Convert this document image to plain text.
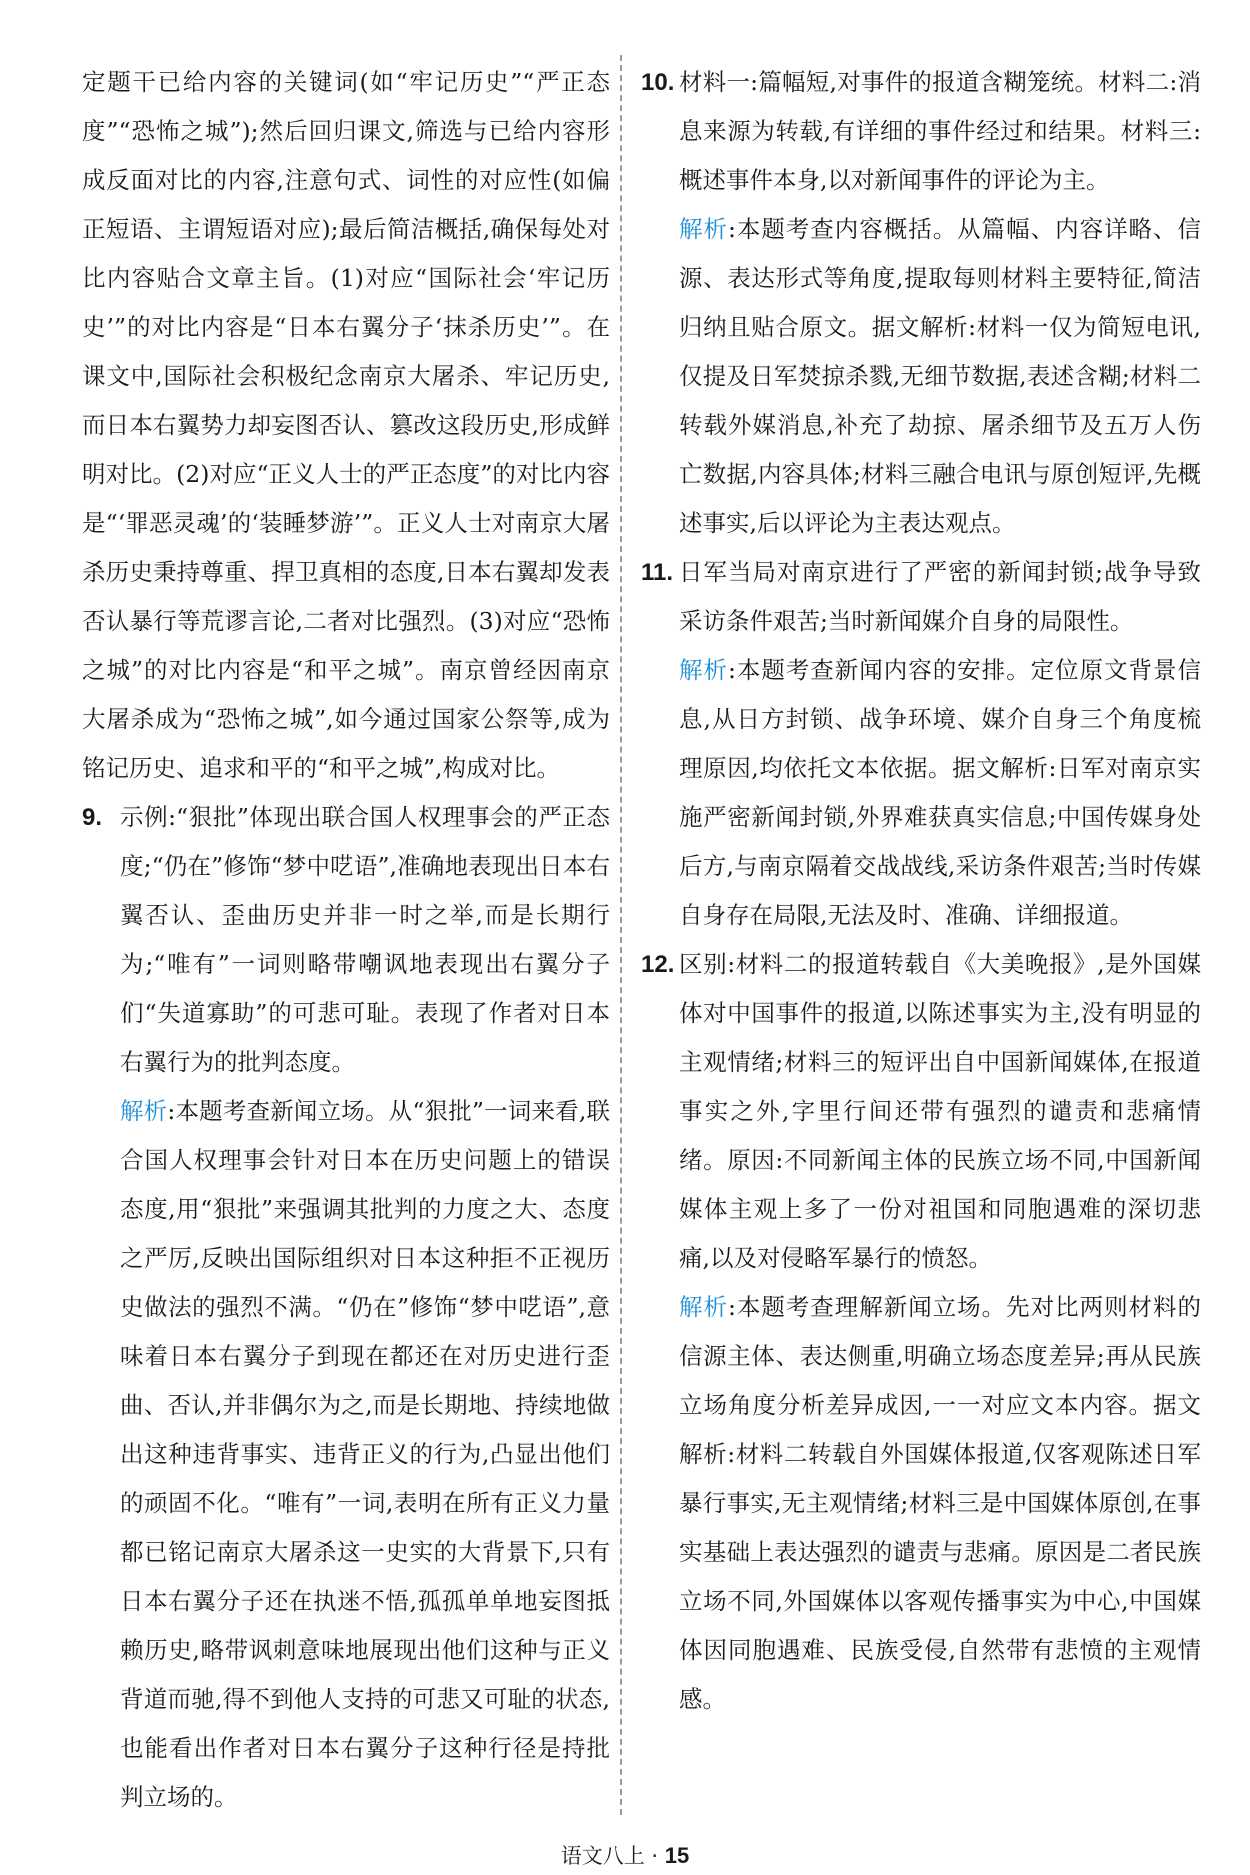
定题干已给内容的关键词(如“牢记历史”“严正态度”“恐怖之城”);然后回归课文,筛选与已给内容形成反面对比的内容,注意句式、词性的对应性(如偏正短语、主谓短语对应);最后简洁概括,确保每处对比内容贴合文章主旨。(1)对应“国际社会‘牢记历史’”的对比内容是“日本右翼分子‘抹杀历史’”。在课文中,国际社会积极纪念南京大屠杀、牢记历史,而日本右翼势力却妄图否认、篡改这段历史,形成鲜明对比。(2)对应“正义人士的严正态度”的对比内容是“‘罪恶灵魂’的‘装睡梦游’”。正义人士对南京大屠杀历史秉持尊重、捍卫真相的态度,日本右翼却发表否认暴行等荒谬言论,二者对比强烈。(3)对应“恐怖之城”的对比内容是“和平之城”。南京曾经因南京大屠杀成为“恐怖之城”,如今通过国家公祭等,成为铭记历史、追求和平的“和平之城”,构成对比。

9. 示例:“狠批”体现出联合国人权理事会的严正态度;“仍在”修饰“梦中呓语”,准确地表现出日本右翼否认、歪曲历史并非一时之举,而是长期行为;“唯有”一词则略带嘲讽地表现出右翼分子们“失道寡助”的可悲可耻。表现了作者对日本右翼行为的批判态度。

解析:本题考查新闻立场。从“狠批”一词来看,联合国人权理事会针对日本在历史问题上的错误态度,用“狠批”来强调其批判的力度之大、态度之严厉,反映出国际组织对日本这种拒不正视历史做法的强烈不满。“仍在”修饰“梦中呓语”,意味着日本右翼分子到现在都还在对历史进行歪曲、否认,并非偶尔为之,而是长期地、持续地做出这种违背事实、违背正义的行为,凸显出他们的顽固不化。“唯有”一词,表明在所有正义力量都已铭记南京大屠杀这一史实的大背景下,只有日本右翼分子还在执迷不悟,孤孤单单地妄图抵赖历史,略带讽刺意味地展现出他们这种与正义背道而驰,得不到他人支持的可悲又可耻的状态,也能看出作者对日本右翼分子这种行径是持批判立场的。

10. 材料一:篇幅短,对事件的报道含糊笼统。材料二:消息来源为转载,有详细的事件经过和结果。材料三:概述事件本身,以对新闻事件的评论为主。

解析:本题考查内容概括。从篇幅、内容详略、信源、表达形式等角度,提取每则材料主要特征,简洁归纳且贴合原文。据文解析:材料一仅为简短电讯,仅提及日军焚掠杀戮,无细节数据,表述含糊;材料二转载外媒消息,补充了劫掠、屠杀细节及五万人伤亡数据,内容具体;材料三融合电讯与原创短评,先概述事实,后以评论为主表达观点。

11. 日军当局对南京进行了严密的新闻封锁;战争导致采访条件艰苦;当时新闻媒介自身的局限性。

解析:本题考查新闻内容的安排。定位原文背景信息,从日方封锁、战争环境、媒介自身三个角度梳理原因,均依托文本依据。据文解析:日军对南京实施严密新闻封锁,外界难获真实信息;中国传媒身处后方,与南京隔着交战战线,采访条件艰苦;当时传媒自身存在局限,无法及时、准确、详细报道。

12. 区别:材料二的报道转载自《大美晚报》,是外国媒体对中国事件的报道,以陈述事实为主,没有明显的主观情绪;材料三的短评出自中国新闻媒体,在报道事实之外,字里行间还带有强烈的谴责和悲痛情绪。原因:不同新闻主体的民族立场不同,中国新闻媒体主观上多了一份对祖国和同胞遇难的深切悲痛,以及对侵略军暴行的愤怒。

解析:本题考查理解新闻立场。先对比两则材料的信源主体、表达侧重,明确立场态度差异;再从民族立场角度分析差异成因,一一对应文本内容。据文解析:材料二转载自外国媒体报道,仅客观陈述日军暴行事实,无主观情绪;材料三是中国媒体原创,在事实基础上表达强烈的谴责与悲痛。原因是二者民族立场不同,外国媒体以客观传播事实为中心,中国媒体因同胞遇难、民族受侵,自然带有悲愤的主观情感。

语文八上 · 15
